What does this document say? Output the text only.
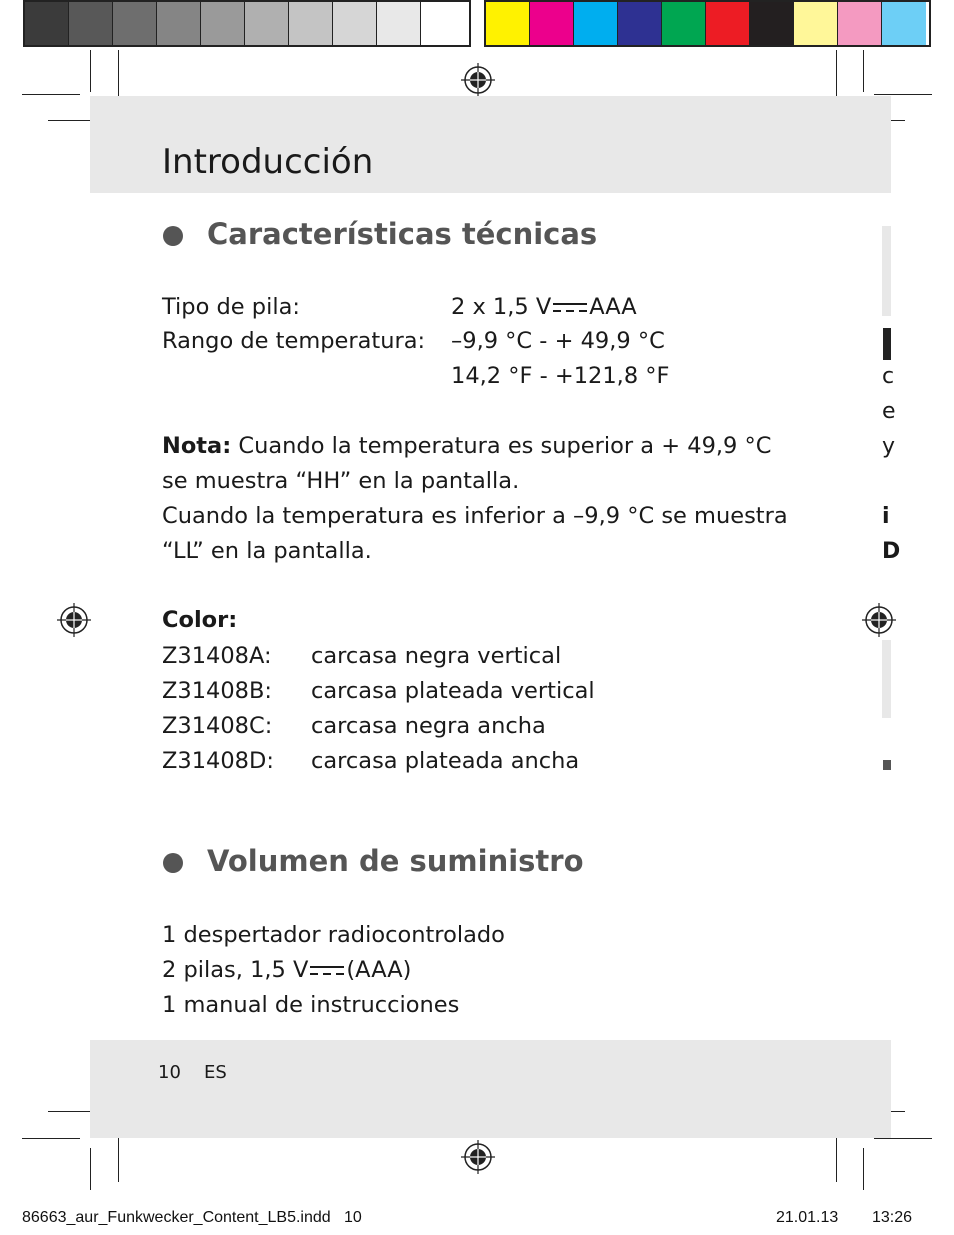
Introducción
c
e
y
i
D
Características técnicas
Tipo de pila:	2 x 1,5 V AAA
Rango de temperatura: –9,9 °C - + 49,9 °C
14,2 °F - +121,8 °F
Nota: Cuando la temperatura es superior a + 49,9 °C
se muestra “HH” en la pantalla.
Cuando la temperatura es inferior a –9,9 °C se muestra
“LL” en la pantalla.
Color:
Z31408A: carcasa negra vertical
Z31408B: carcasa plateada vertical
Z31408C: carcasa negra ancha
Z31408D: carcasa plateada ancha
Volumen de suministro
1 despertador radiocontrolado
2 pilas, 1,5 V (AAA)
1 manual de instrucciones
10 ES
86663_aur_Funkwecker_Content_LB5.indd   10	21.01.13 13:26
